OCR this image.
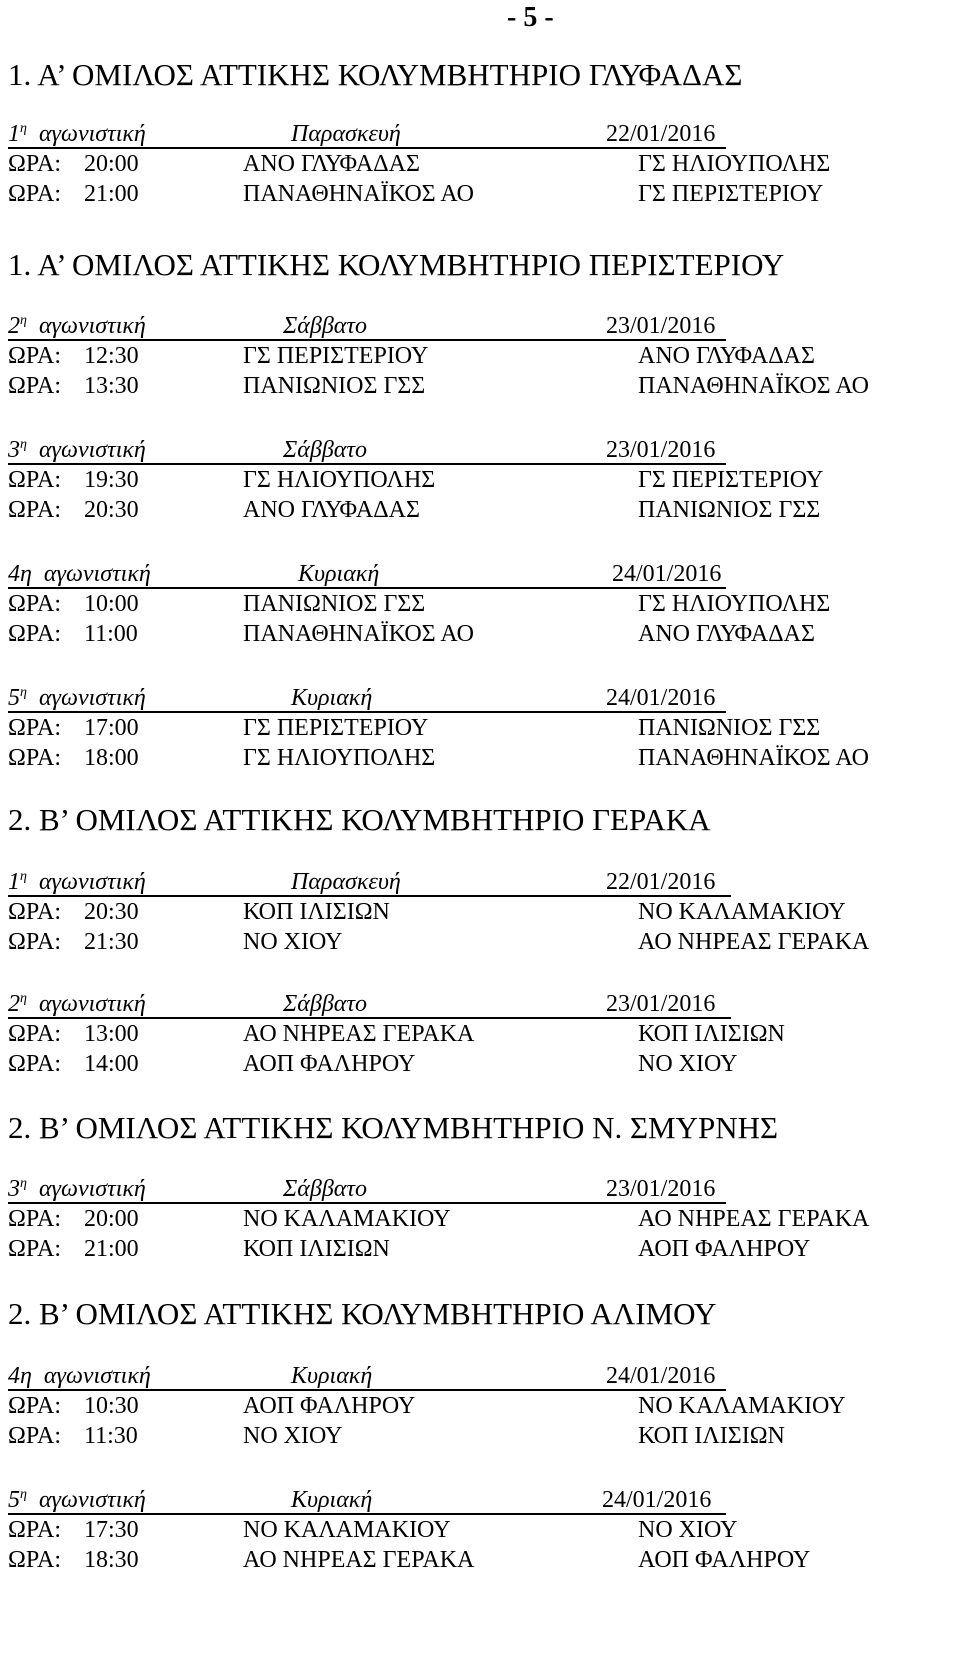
- 5 -
1. Α’ ΟΜΙΛΟΣ ΑΤΤΙΚΗΣ ΚΟΛΥΜΒΗΤΗΡΙΟ ΓΛΥΦΑΔΑΣ
$1^\eta$  αγωνιστική	Παρασκευή	22/01/2016
ΩΡΑ: 20:00	ΑΝΟ ΓΛΥΦΑΔΑΣ	ΓΣ ΗΛΙΟΥΠΟΛΗΣ
ΩΡΑ: 21:00	ΠΑΝΑΘΗΝΑΪΚΟΣ ΑΟ	ΓΣ ΠΕΡΙΣΤΕΡΙΟΥ
1. Α’ ΟΜΙΛΟΣ ΑΤΤΙΚΗΣ ΚΟΛΥΜΒΗΤΗΡΙΟ ΠΕΡΙΣΤΕΡΙΟΥ
$2^\eta$  αγωνιστική	Σάββατο	23/01/2016
ΩΡΑ: 12:30	ΓΣ ΠΕΡΙΣΤΕΡΙΟΥ	ΑΝΟ ΓΛΥΦΑΔΑΣ
ΩΡΑ: 13:30	ΠΑΝΙΩΝΙΟΣ ΓΣΣ	ΠΑΝΑΘΗΝΑΪΚΟΣ ΑΟ
$3^\eta$  αγωνιστική	Σάββατο	23/01/2016
ΩΡΑ: 19:30	ΓΣ ΗΛΙΟΥΠΟΛΗΣ	ΓΣ ΠΕΡΙΣΤΕΡΙΟΥ
ΩΡΑ: 20:30	ΑΝΟ ΓΛΥΦΑΔΑΣ	ΠΑΝΙΩΝΙΟΣ ΓΣΣ
4η  αγωνιστική	Κυριακή	24/01/2016
ΩΡΑ: 10:00	ΠΑΝΙΩΝΙΟΣ ΓΣΣ	ΓΣ ΗΛΙΟΥΠΟΛΗΣ
ΩΡΑ: 11:00	ΠΑΝΑΘΗΝΑΪΚΟΣ ΑΟ	ΑΝΟ ΓΛΥΦΑΔΑΣ
$5^\eta$  αγωνιστική	Κυριακή	24/01/2016
ΩΡΑ: 17:00	ΓΣ ΠΕΡΙΣΤΕΡΙΟΥ	ΠΑΝΙΩΝΙΟΣ ΓΣΣ
ΩΡΑ: 18:00	ΓΣ ΗΛΙΟΥΠΟΛΗΣ	ΠΑΝΑΘΗΝΑΪΚΟΣ ΑΟ
2. Β’ ΟΜΙΛΟΣ ΑΤΤΙΚΗΣ ΚΟΛΥΜΒΗΤΗΡΙΟ ΓΕΡΑΚΑ
$1^\eta$  αγωνιστική	Παρασκευή	22/01/2016
ΩΡΑ: 20:30	ΚΟΠ ΙΛΙΣΙΩΝ	ΝΟ ΚΑΛΑΜΑΚΙΟΥ
ΩΡΑ: 21:30	ΝΟ ΧΙΟΥ	ΑΟ ΝΗΡΕΑΣ ΓΕΡΑΚΑ
$2^\eta$  αγωνιστική	Σάββατο	23/01/2016
ΩΡΑ: 13:00	ΑΟ ΝΗΡΕΑΣ ΓΕΡΑΚΑ	ΚΟΠ ΙΛΙΣΙΩΝ
ΩΡΑ: 14:00	ΑΟΠ ΦΑΛΗΡΟΥ	ΝΟ ΧΙΟΥ
2. Β’ ΟΜΙΛΟΣ ΑΤΤΙΚΗΣ ΚΟΛΥΜΒΗΤΗΡΙΟ Ν. ΣΜΥΡΝΗΣ
$3^\eta$  αγωνιστική	Σάββατο	23/01/2016
ΩΡΑ: 20:00	ΝΟ ΚΑΛΑΜΑΚΙΟΥ	ΑΟ ΝΗΡΕΑΣ ΓΕΡΑΚΑ
ΩΡΑ: 21:00	ΚΟΠ ΙΛΙΣΙΩΝ	ΑΟΠ ΦΑΛΗΡΟΥ
2. Β’ ΟΜΙΛΟΣ ΑΤΤΙΚΗΣ ΚΟΛΥΜΒΗΤΗΡΙΟ ΑΛΙΜΟΥ
4η  αγωνιστική	Κυριακή	24/01/2016
ΩΡΑ: 10:30	ΑΟΠ ΦΑΛΗΡΟΥ	ΝΟ ΚΑΛΑΜΑΚΙΟΥ
ΩΡΑ: 11:30	ΝΟ ΧΙΟΥ	ΚΟΠ ΙΛΙΣΙΩΝ
$5^\eta$  αγωνιστική	Κυριακή	24/01/2016
ΩΡΑ: 17:30	ΝΟ ΚΑΛΑΜΑΚΙΟΥ	ΝΟ ΧΙΟΥ
ΩΡΑ: 18:30	ΑΟ ΝΗΡΕΑΣ ΓΕΡΑΚΑ	ΑΟΠ ΦΑΛΗΡΟΥ
